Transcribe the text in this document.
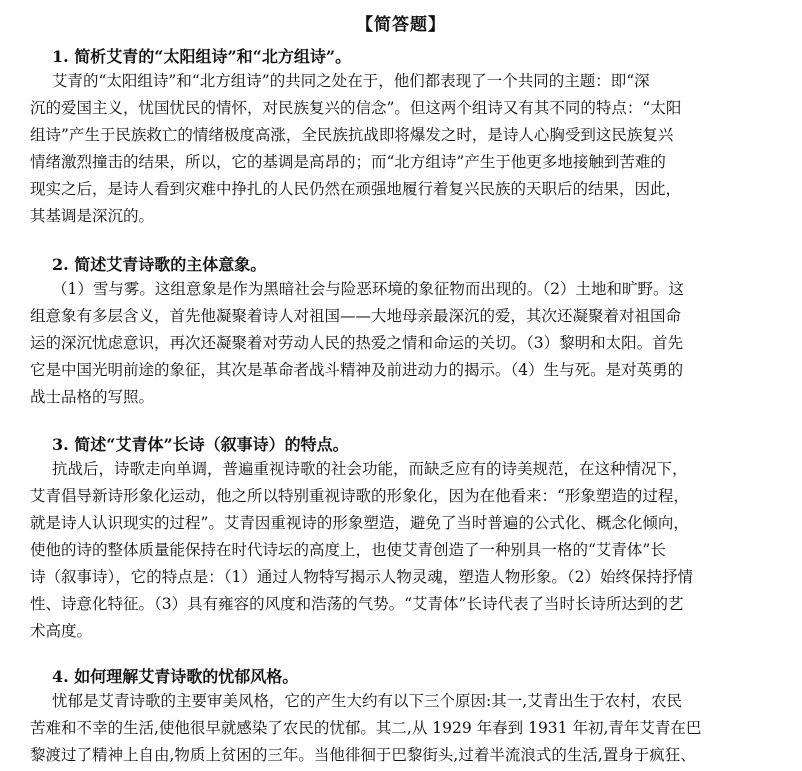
【简答题】
1. 简析艾青的“太阳组诗”和“北方组诗”。
艾青的“太阳组诗”和“北方组诗”的共同之处在于，他们都表现了一个共同的主题：即“深
沉的爱国主义，忧国忧民的情怀，对民族复兴的信念”。但这两个组诗又有其不同的特点：“太阳
组诗”产生于民族救亡的情绪极度高涨，全民族抗战即将爆发之时，是诗人心胸受到这民族复兴
情绪激烈撞击的结果，所以，它的基调是高昂的；而“北方组诗”产生于他更多地接触到苦难的
现实之后，是诗人看到灾难中挣扎的人民仍然在顽强地履行着复兴民族的天职后的结果，因此，
其基调是深沉的。
2. 简述艾青诗歌的主体意象。
（1）雪与雾。这组意象是作为黑暗社会与险恶环境的象征物而出现的。（2）土地和旷野。这
组意象有多层含义，首先他凝聚着诗人对祖国——大地母亲最深沉的爱，其次还凝聚着对祖国命
运的深沉忧虑意识，再次还凝聚着对劳动人民的热爱之情和命运的关切。（3）黎明和太阳。首先
它是中国光明前途的象征，其次是革命者战斗精神及前进动力的揭示。（4）生与死。是对英勇的
战士品格的写照。
3. 简述“艾青体”长诗（叙事诗）的特点。
抗战后，诗歌走向单调，普遍重视诗歌的社会功能，而缺乏应有的诗美规范，在这种情况下，
艾青倡导新诗形象化运动，他之所以特别重视诗歌的形象化，因为在他看来：“形象塑造的过程，
就是诗人认识现实的过程”。艾青因重视诗的形象塑造，避免了当时普遍的公式化、概念化倾向，
使他的诗的整体质量能保持在时代诗坛的高度上，也使艾青创造了一种别具一格的“艾青体”长
诗（叙事诗），它的特点是：（1）通过人物特写揭示人物灵魂，塑造人物形象。（2）始终保持抒情
性、诗意化特征。（3）具有雍容的风度和浩荡的气势。“艾青体”长诗代表了当时长诗所达到的艺
术高度。
4. 如何理解艾青诗歌的忧郁风格。
忧郁是艾青诗歌的主要审美风格，它的产生大约有以下三个原因:其一,艾青出生于农村，农民
苦难和不幸的生活,使他很早就感染了农民的忧郁。其二,从 1929 年春到 1931 年初,青年艾青在巴
黎渡过了精神上自由,物质上贫困的三年。当他徘徊于巴黎街头,过着半流浪式的生活,置身于疯狂、
